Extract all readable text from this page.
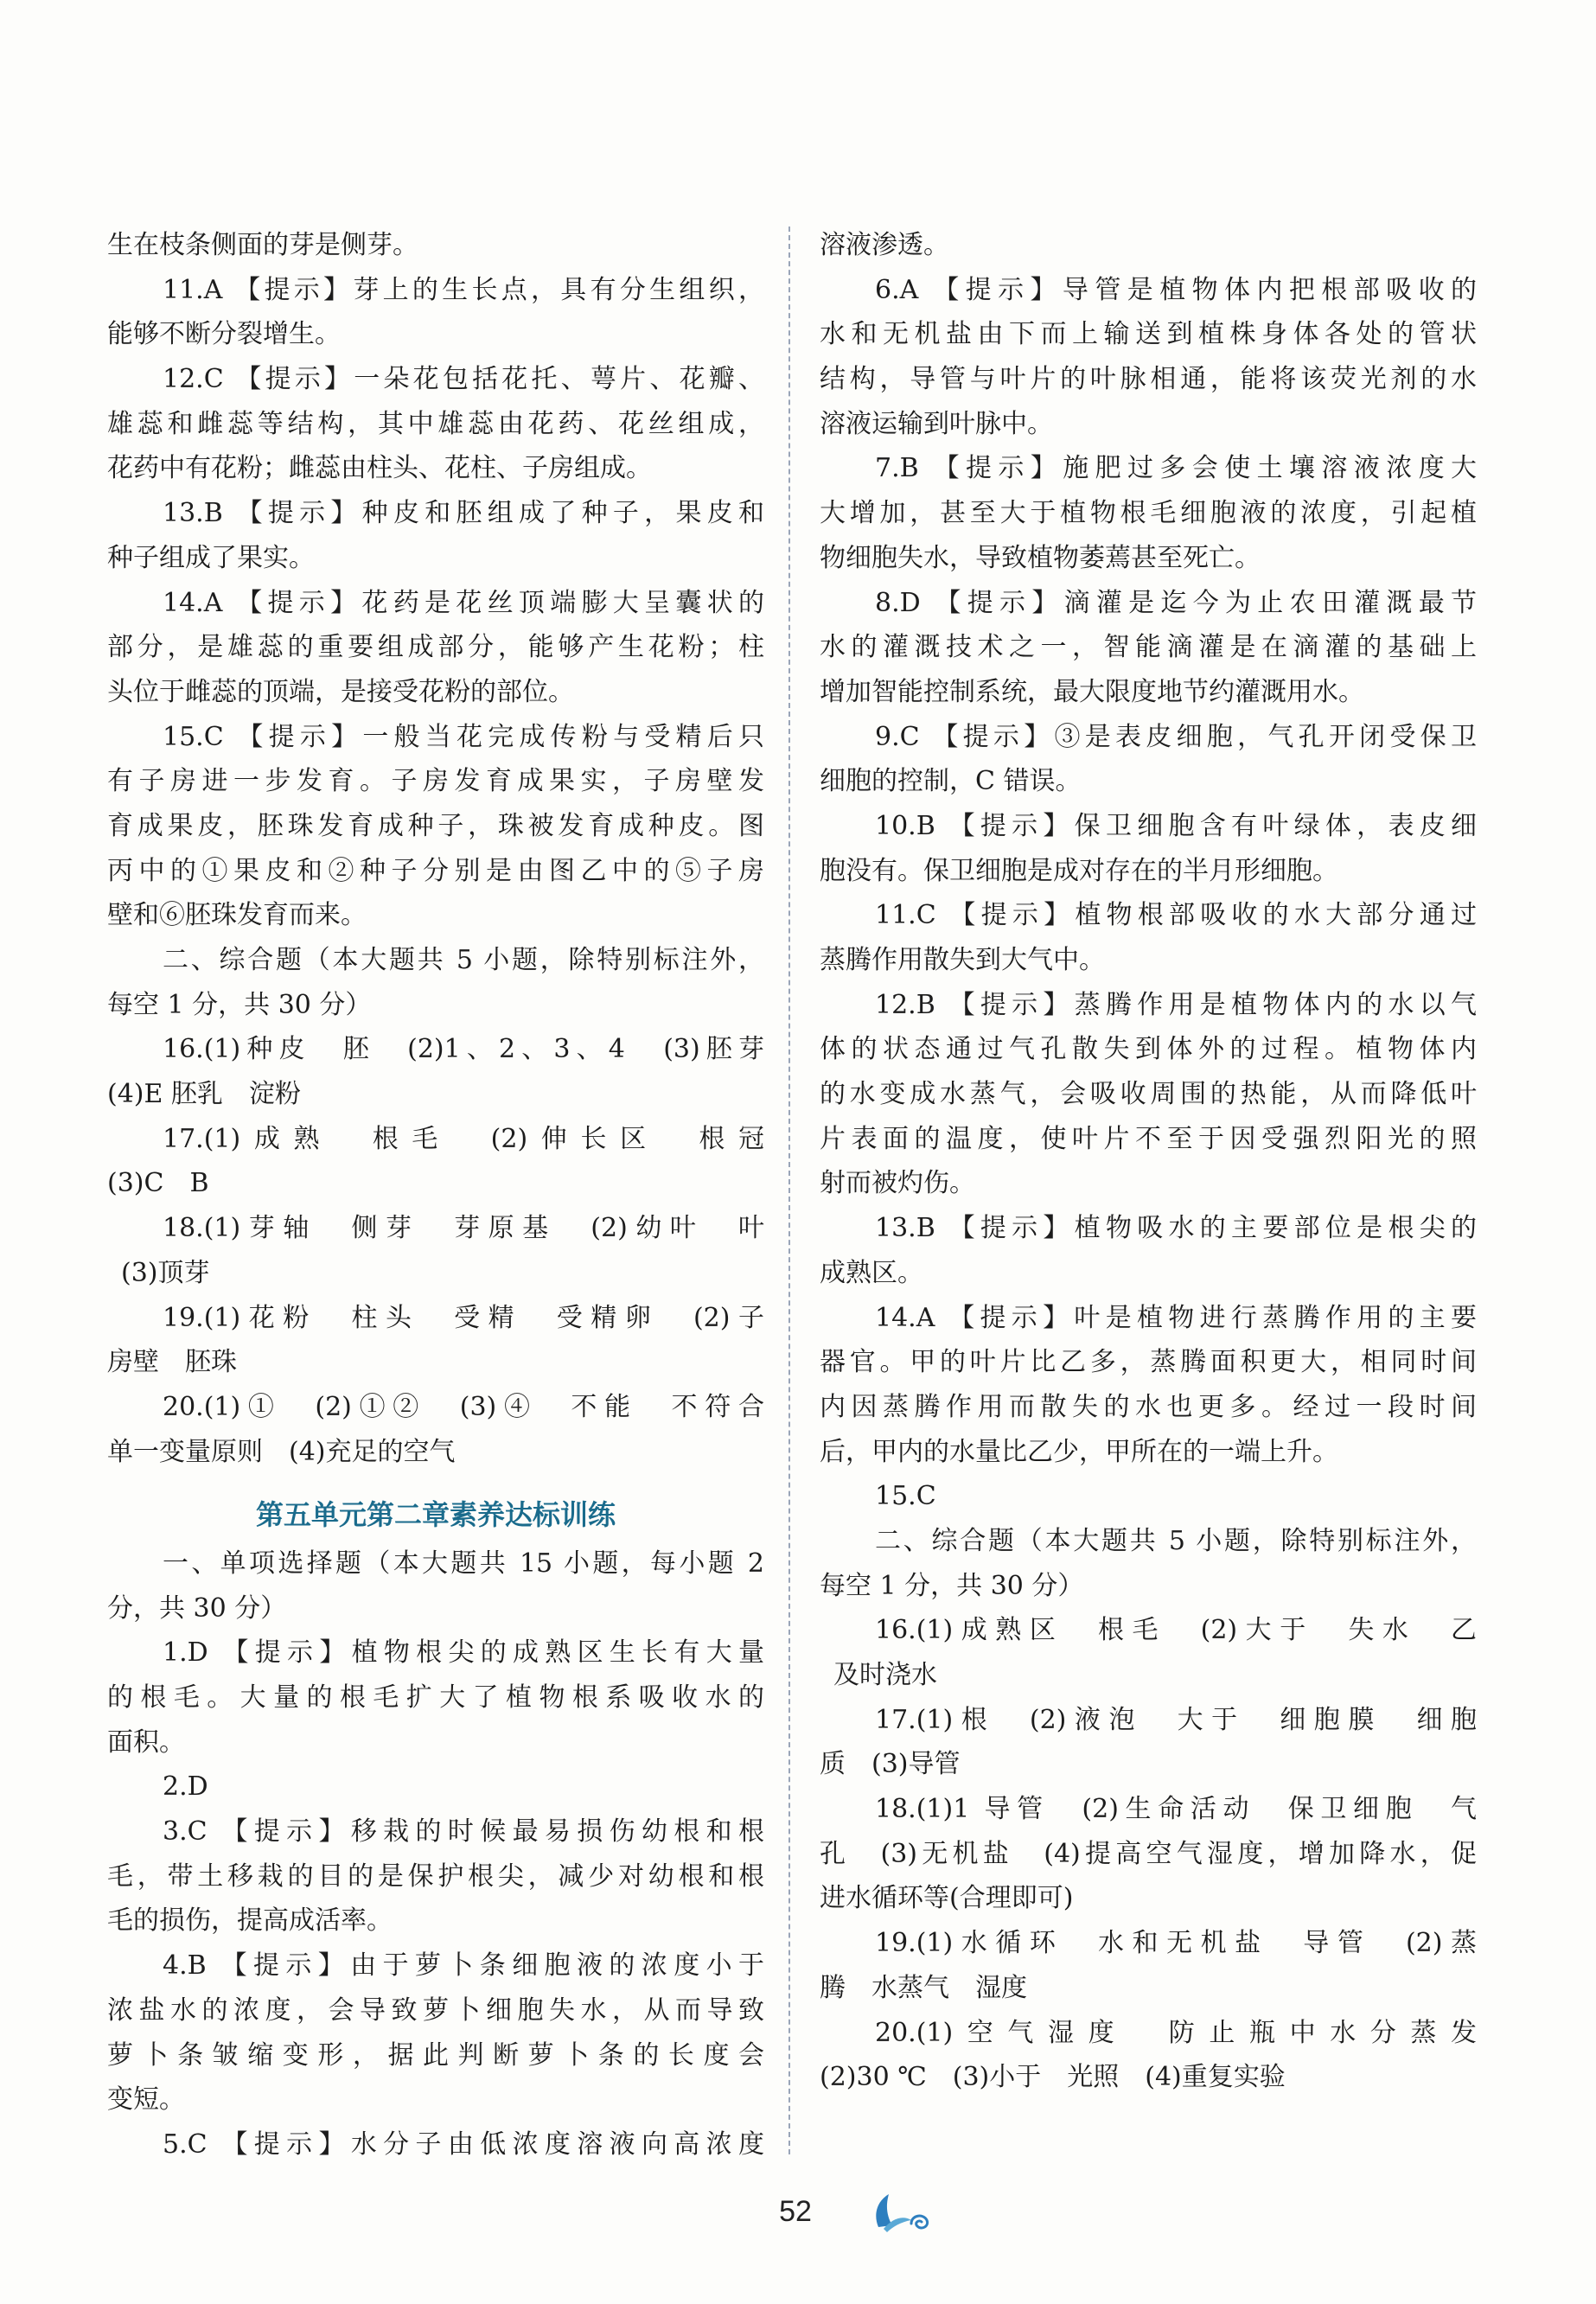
生在枝条侧面的芽是侧芽。
11.A 【提示】芽上的生长点，具有分生组织，
能够不断分裂增生。
12.C 【提示】一朵花包括花托、萼片、花瓣、
雄蕊和雌蕊等结构，其中雄蕊由花药、花丝组成，
花药中有花粉；雌蕊由柱头、花柱、子房组成。
13.B 【提示】种皮和胚组成了种子，果皮和
种子组成了果实。
14.A 【提示】花药是花丝顶端膨大呈囊状的
部分，是雄蕊的重要组成部分，能够产生花粉；柱
头位于雌蕊的顶端，是接受花粉的部位。
15.C 【提示】一般当花完成传粉与受精后只
有子房进一步发育。子房发育成果实，子房壁发
育成果皮，胚珠发育成种子，珠被发育成种皮。图
丙中的①果皮和②种子分别是由图乙中的⑤子房
壁和⑥胚珠发育而来。
二、综合题（本大题共 5 小题，除特别标注外，
每空 1 分，共 30 分）
16.(1)种皮　胚　(2)1、2、3、4　(3)胚芽
(4)E 胚乳　淀粉
17.(1)成熟　根毛　(2)伸长区　根冠
(3)C　B
18.(1)芽轴　侧芽　芽原基　(2)幼叶　叶
(3)顶芽
19.(1)花粉　柱头　受精　受精卵　(2)子
房壁　胚珠
20.(1)①　(2)①②　(3)④　不能　不符合
单一变量原则　(4)充足的空气
第五单元第二章素养达标训练
一、单项选择题（本大题共 15 小题，每小题 2
分，共 30 分）
1.D 【提示】植物根尖的成熟区生长有大量
的根毛。大量的根毛扩大了植物根系吸收水的
面积。
2.D
3.C 【提示】移栽的时候最易损伤幼根和根
毛，带土移栽的目的是保护根尖，减少对幼根和根
毛的损伤，提高成活率。
4.B 【提示】由于萝卜条细胞液的浓度小于
浓盐水的浓度，会导致萝卜细胞失水，从而导致
萝卜条皱缩变形，据此判断萝卜条的长度会
变短。
5.C 【提示】水分子由低浓度溶液向高浓度
溶液渗透。
6.A 【提示】导管是植物体内把根部吸收的
水和无机盐由下而上输送到植株身体各处的管状
结构，导管与叶片的叶脉相通，能将该荧光剂的水
溶液运输到叶脉中。
7.B 【提示】施肥过多会使土壤溶液浓度大
大增加，甚至大于植物根毛细胞液的浓度，引起植
物细胞失水，导致植物萎蔫甚至死亡。
8.D 【提示】滴灌是迄今为止农田灌溉最节
水的灌溉技术之一，智能滴灌是在滴灌的基础上
增加智能控制系统，最大限度地节约灌溉用水。
9.C 【提示】③是表皮细胞，气孔开闭受保卫
细胞的控制，C 错误。
10.B 【提示】保卫细胞含有叶绿体，表皮细
胞没有。保卫细胞是成对存在的半月形细胞。
11.C 【提示】植物根部吸收的水大部分通过
蒸腾作用散失到大气中。
12.B 【提示】蒸腾作用是植物体内的水以气
体的状态通过气孔散失到体外的过程。植物体内
的水变成水蒸气，会吸收周围的热能，从而降低叶
片表面的温度，使叶片不至于因受强烈阳光的照
射而被灼伤。
13.B 【提示】植物吸水的主要部位是根尖的
成熟区。
14.A 【提示】叶是植物进行蒸腾作用的主要
器官。甲的叶片比乙多，蒸腾面积更大，相同时间
内因蒸腾作用而散失的水也更多。经过一段时间
后，甲内的水量比乙少，甲所在的一端上升。
15.C
二、综合题（本大题共 5 小题，除特别标注外，
每空 1 分，共 30 分）
16.(1)成熟区　根毛　(2)大于　失水　乙
及时浇水
17.(1)根　(2)液泡　大于　细胞膜　细胞
质　(3)导管
18.(1)1 导管　(2)生命活动　保卫细胞　气
孔　(3)无机盐　(4)提高空气湿度，增加降水，促
进水循环等(合理即可)
19.(1)水循环　水和无机盐　导管　(2)蒸
腾　水蒸气　湿度
20.(1)空气湿度　防止瓶中水分蒸发
(2)30 ℃　(3)小于　光照　(4)重复实验
52
